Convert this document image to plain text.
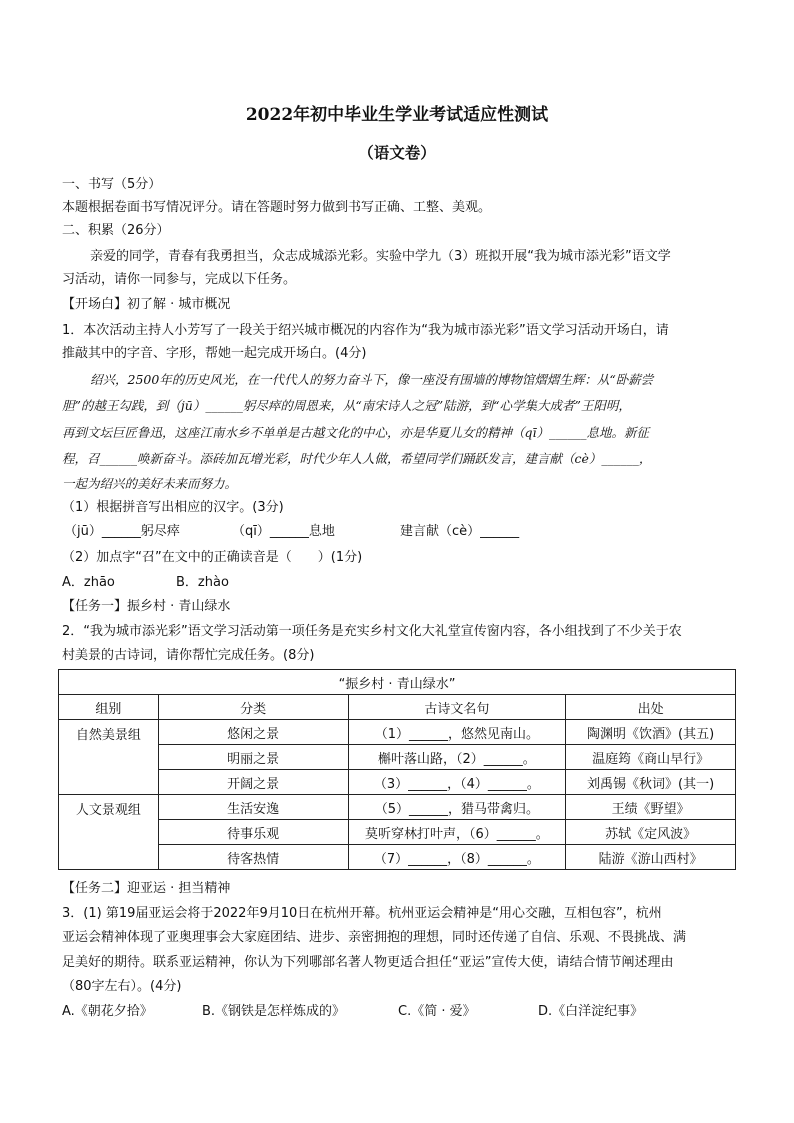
2022年初中毕业生学业考试适应性测试
（语文卷）
一、书写（5分）
本题根据卷面书写情况评分。请在答题时努力做到书写正确、工整、美观。
二、积累（26分）
亲爱的同学，青春有我勇担当，众志成城添光彩。实验中学九（3）班拟开展“我为城市添光彩”语文学
习活动，请你一同参与，完成以下任务。
【开场白】初了解 · 城市概况
1．本次活动主持人小芳写了一段关于绍兴城市概况的内容作为“我为城市添光彩”语文学习活动开场白，请
推敲其中的字音、字形，帮她一起完成开场白。(4分)
绍兴，2500年的历史风光，在一代代人的努力奋斗下，像一座没有围墙的博物馆熠熠生辉：从“卧薪尝
胆”的越王勾践，到（jū）______躬尽瘁的周恩来，从“南宋诗人之冠”陆游，到“心学集大成者”王阳明，
再到文坛巨匠鲁迅，这座江南水乡不单单是古越文化的中心，亦是华夏儿女的精神（qī）______息地。新征
程，召______唤新奋斗。添砖加瓦增光彩，时代少年人人做，希望同学们踊跃发言，建言献（cè）______，
一起为绍兴的美好未来而努力。
（1）根据拼音写出相应的汉字。(3分)
（jū）______躬尽瘁	（qī）______息地	建言献（cè）______
（2）加点字“召”在文中的正确读音是（　　）(1分)
A．zhāo	B．zhào
【任务一】振乡村 · 青山绿水
2．“我为城市添光彩”语文学习活动第一项任务是充实乡村文化大礼堂宣传窗内容，各小组找到了不少关于农
村美景的古诗词，请你帮忙完成任务。(8分)
“振乡村 · 青山绿水”			
组别	分类	古诗文名句	出处
自然美景组	悠闲之景	（1）______，悠然见南山。	陶渊明《饮酒》(其五)
	明丽之景	槲叶落山路，（2）______。	温庭筠《商山早行》
	开阔之景	（3）______，（4）______。	刘禹锡《秋词》(其一)
人文景观组	生活安逸	（5）______，猎马带禽归。	王绩《野望》
	待事乐观	莫听穿林打叶声，（6）______。	苏轼《定风波》
	待客热情	（7）______，（8）______。	陆游《游山西村》
【任务二】迎亚运 · 担当精神
3．(1) 第19届亚运会将于2022年9月10日在杭州开幕。杭州亚运会精神是“用心交融，互相包容”，杭州
亚运会精神体现了亚奥理事会大家庭团结、进步、亲密拥抱的理想，同时还传递了自信、乐观、不畏挑战、满
足美好的期待。联系亚运精神，你认为下列哪部名著人物更适合担任“亚运”宣传大使，请结合情节阐述理由
（80字左右）。(4分)
A.《朝花夕拾》	B.《钢铁是怎样炼成的》	C.《简 · 爱》	D.《白洋淀纪事》
